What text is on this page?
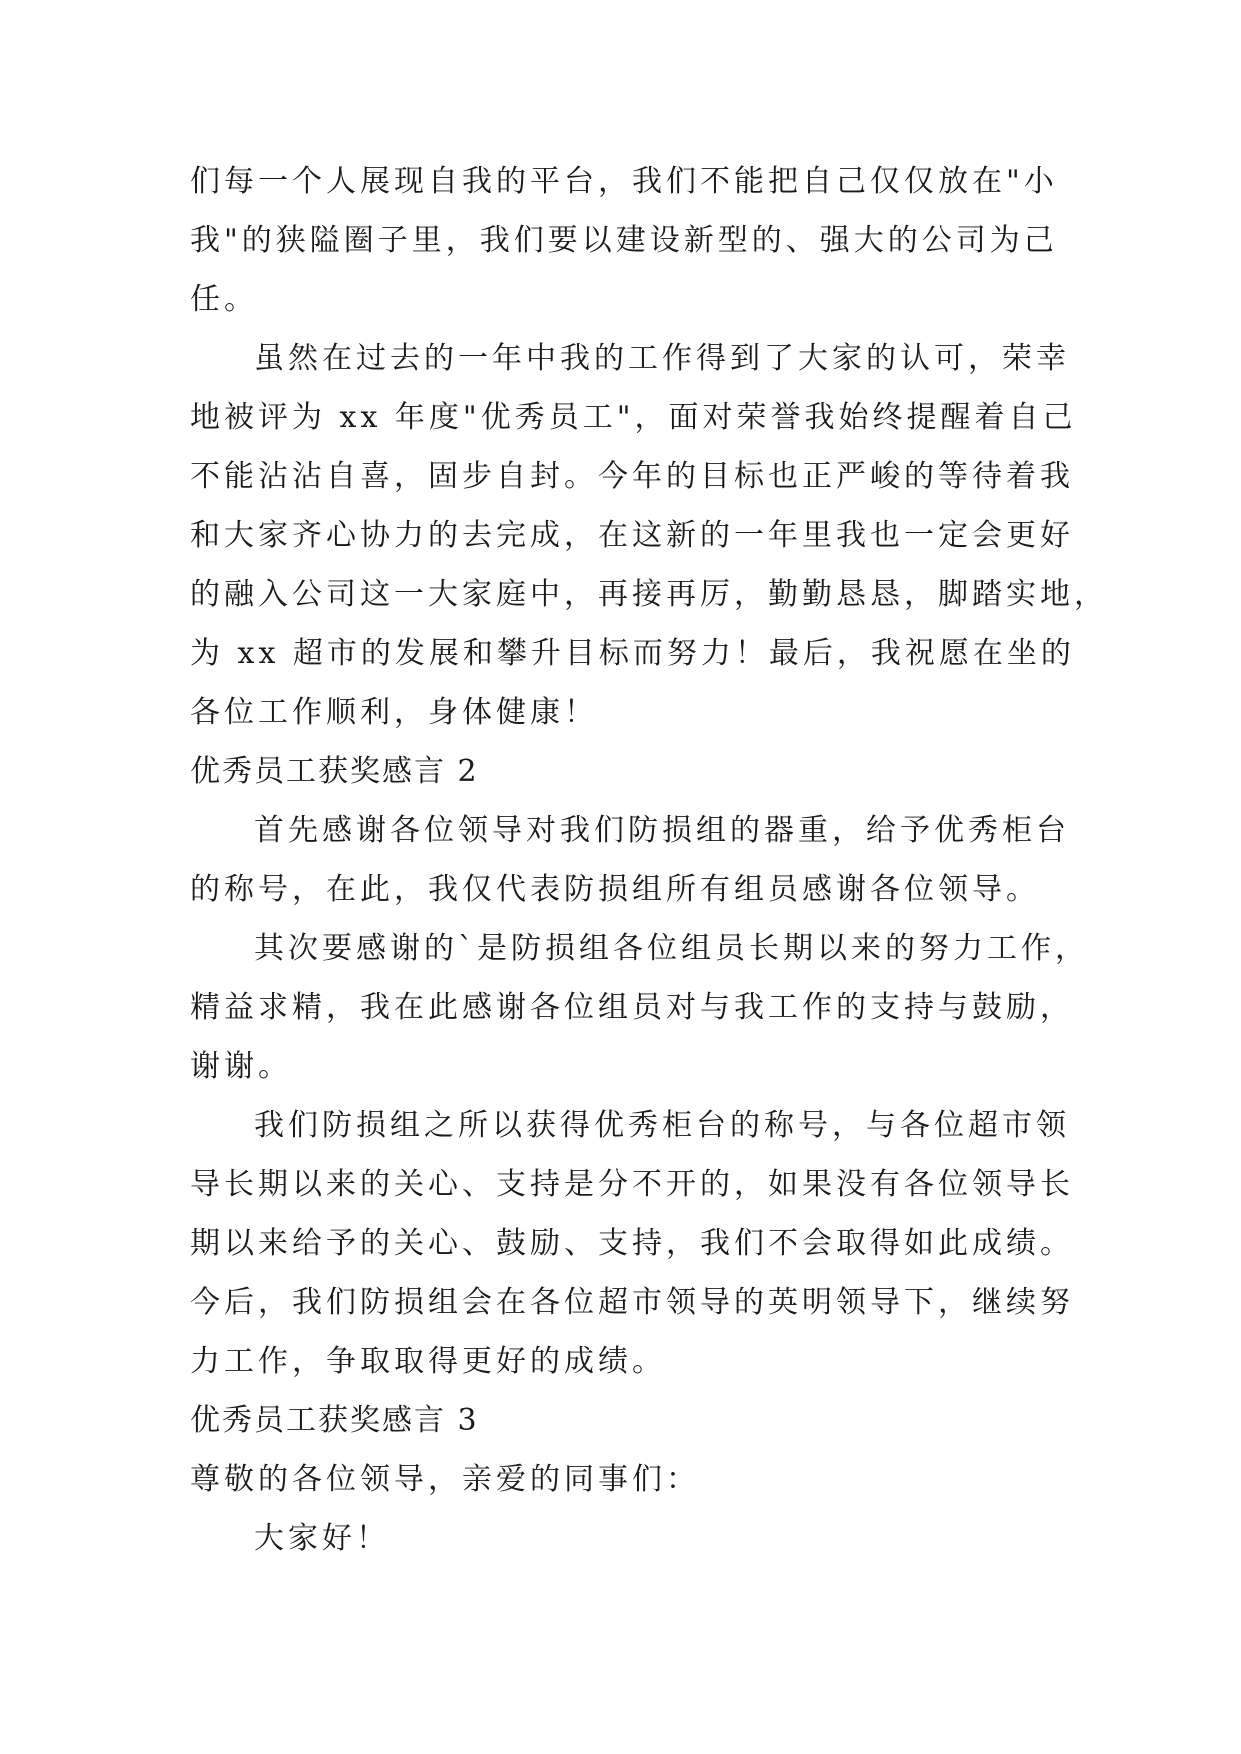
们每一个人展现自我的平台，我们不能把自己仅仅放在"小
我"的狭隘圈子里，我们要以建设新型的、强大的公司为己
任。

虽然在过去的一年中我的工作得到了大家的认可，荣幸
地被评为 xx 年度"优秀员工"，面对荣誉我始终提醒着自己
不能沾沾自喜，固步自封。今年的目标也正严峻的等待着我
和大家齐心协力的去完成，在这新的一年里我也一定会更好
的融入公司这一大家庭中，再接再厉，勤勤恳恳，脚踏实地，
为 xx 超市的发展和攀升目标而努力！最后，我祝愿在坐的
各位工作顺利，身体健康！

优秀员工获奖感言 2

首先感谢各位领导对我们防损组的器重，给予优秀柜台
的称号，在此，我仅代表防损组所有组员感谢各位领导。

其次要感谢的`是防损组各位组员长期以来的努力工作，
精益求精，我在此感谢各位组员对与我工作的支持与鼓励，
谢谢。

我们防损组之所以获得优秀柜台的称号，与各位超市领
导长期以来的关心、支持是分不开的，如果没有各位领导长
期以来给予的关心、鼓励、支持，我们不会取得如此成绩。
今后，我们防损组会在各位超市领导的英明领导下，继续努
力工作，争取取得更好的成绩。

优秀员工获奖感言 3

尊敬的各位领导，亲爱的同事们：

大家好！
